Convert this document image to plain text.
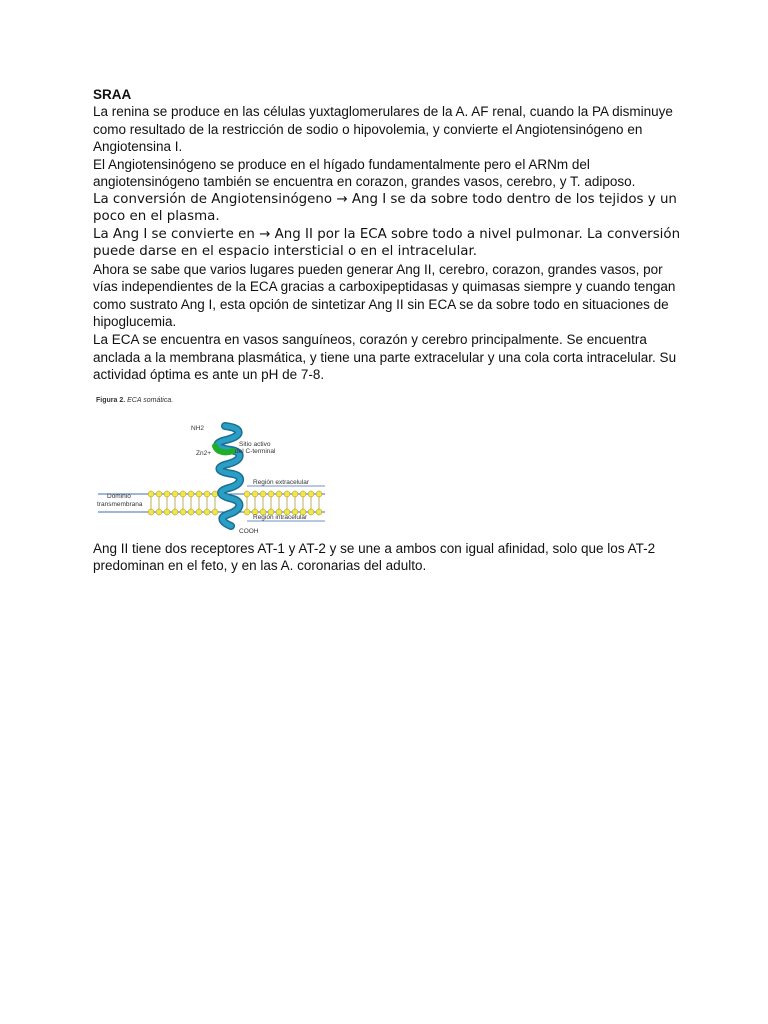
SRAA

La renina se produce en las células yuxtaglomerulares de la A. AF renal, cuando la PA disminuye como resultado de la restricción de sodio o hipovolemia, y convierte el Angiotensinógeno en Angiotensina I.

El Angiotensinógeno se produce en el hígado fundamentalmente pero el ARNm del angiotensinógeno también se encuentra en corazon, grandes vasos, cerebro, y T. adiposo.

La conversión de Angiotensinógeno → Ang I se da sobre todo dentro de los tejidos y un poco en el plasma.

La Ang I se convierte en → Ang II por la ECA sobre todo a nivel pulmonar. La conversión puede darse en el espacio intersticial o en el intracelular.

Ahora se sabe que varios lugares pueden generar Ang II, cerebro, corazon, grandes vasos, por vías independientes de la ECA gracias a carboxipeptidasas y quimasas siempre y cuando tengan como sustrato Ang I, esta opción de sintetizar Ang II sin ECA se da sobre todo en situaciones de hipoglucemia.

La ECA se encuentra en vasos sanguíneos, corazón y cerebro principalmente. Se encuentra anclada a la membrana plasmática, y tiene una parte extracelular y una cola corta intracelular. Su actividad óptima es ante un pH de 7-8.

Figura 2. ECA somática.
NH2
Zn2+
Sitio activo
del C-terminal
Región extracelular
Dominio
transmembrana
Región intracelular
COOH

Ang II tiene dos receptores AT-1 y AT-2 y se une a ambos con igual afinidad, solo que los AT-2 predominan en el feto, y en las A. coronarias del adulto.
